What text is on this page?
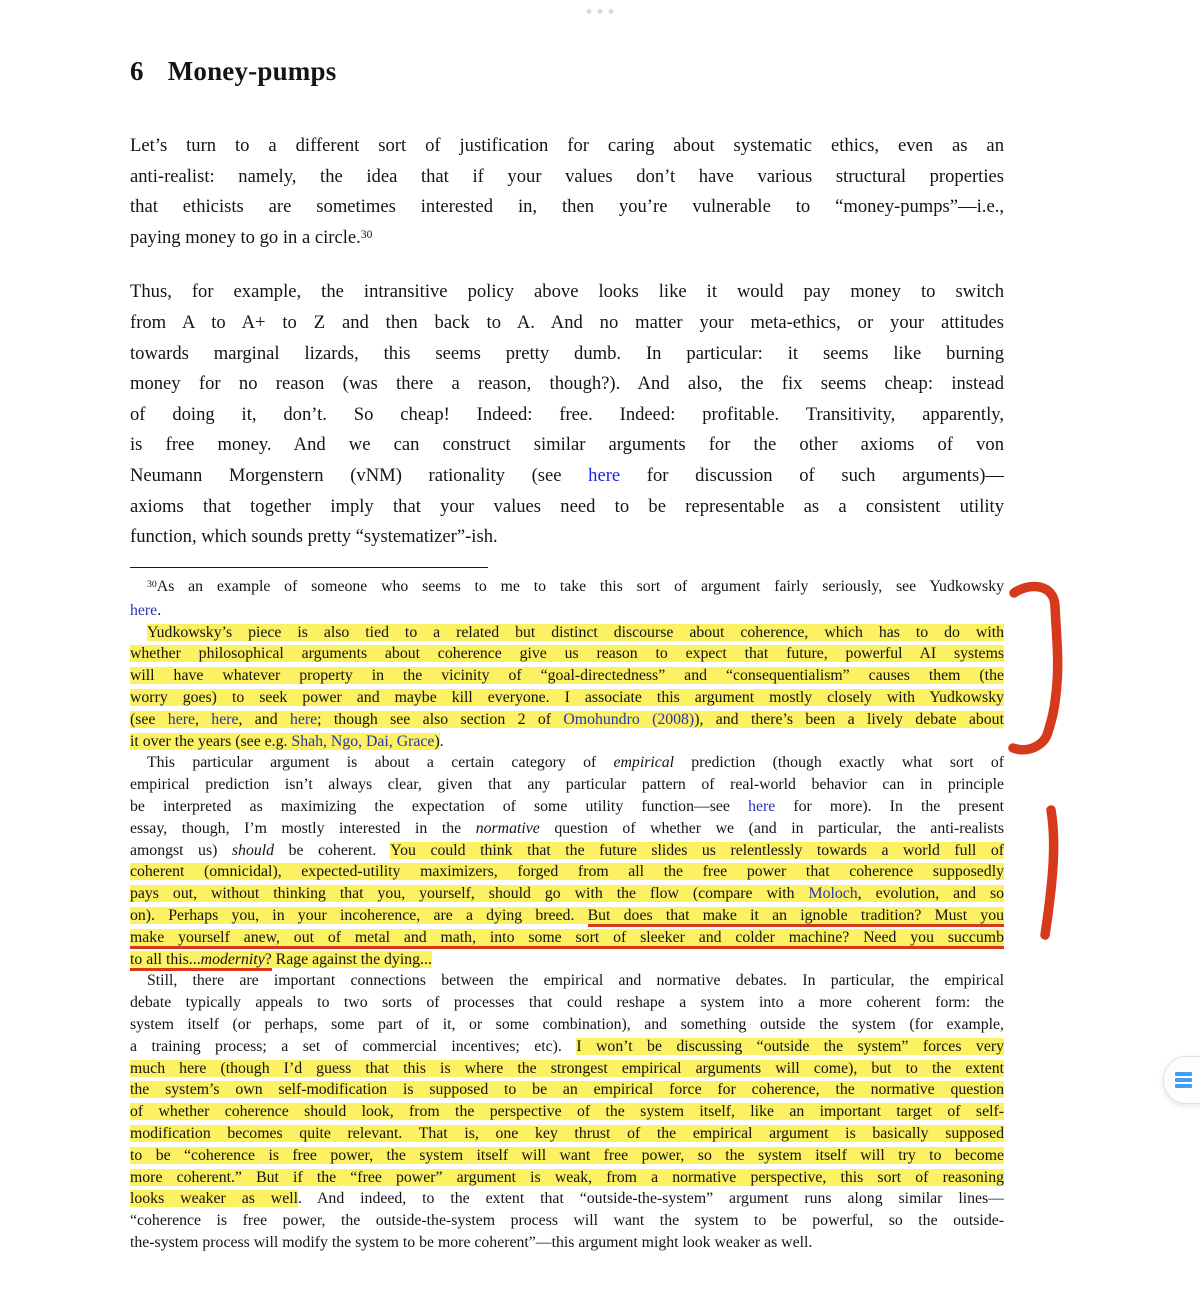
6 Money-pumps
Let’s turn to a different sort of justification for caring about systematic ethics, even as an
anti-realist: namely, the idea that if your values don’t have various structural properties
that ethicists are sometimes interested in, then you’re vulnerable to “money-pumps”—i.e.,
paying money to go in a circle.$^{30}$
Thus, for example, the intransitive policy above looks like it would pay money to switch
from A to A+ to Z and then back to A. And no matter your meta-ethics, or your attitudes
towards marginal lizards, this seems pretty dumb. In particular: it seems like burning
money for no reason (was there a reason, though?). And also, the fix seems cheap: instead
of doing it, don’t. So cheap! Indeed: free. Indeed: profitable. Transitivity, apparently,
is free money. And we can construct similar arguments for the other axioms of von
Neumann Morgenstern (vNM) rationality (see here for discussion of such arguments)—
axioms that together imply that your values need to be representable as a consistent utility
function, which sounds pretty “systematizer”-ish.
$^{30}$As an example of someone who seems to me to take this sort of argument fairly seriously, see Yudkowsky
here.
Yudkowsky’s piece is also tied to a related but distinct discourse about coherence, which has to do with
whether philosophical arguments about coherence give us reason to expect that future, powerful AI systems
will have whatever property in the vicinity of “goal-directedness” and “consequentialism” causes them (the
worry goes) to seek power and maybe kill everyone. I associate this argument mostly closely with Yudkowsky
(see here, here, and here; though see also section 2 of Omohundro (2008)), and there’s been a lively debate about
it over the years (see e.g. Shah, Ngo, Dai, Grace).
This particular argument is about a certain category of empirical prediction (though exactly what sort of
empirical prediction isn’t always clear, given that any particular pattern of real-world behavior can in principle
be interpreted as maximizing the expectation of some utility function—see here for more). In the present
essay, though, I’m mostly interested in the normative question of whether we (and in particular, the anti-realists
amongst us) should be coherent. You could think that the future slides us relentlessly towards a world full of
coherent (omnicidal), expected-utility maximizers, forged from all the free power that coherence supposedly
pays out, without thinking that you, yourself, should go with the flow (compare with Moloch, evolution, and so
on). Perhaps you, in your incoherence, are a dying breed. But does that make it an ignoble tradition? Must you
make yourself anew, out of metal and math, into some sort of sleeker and colder machine? Need you succumb
to all this...modernity? Rage against the dying...
Still, there are important connections between the empirical and normative debates. In particular, the empirical
debate typically appeals to two sorts of processes that could reshape a system into a more coherent form: the
system itself (or perhaps, some part of it, or some combination), and something outside the system (for example,
a training process; a set of commercial incentives; etc). I won’t be discussing “outside the system” forces very
much here (though I’d guess that this is where the strongest empirical arguments will come), but to the extent
the system’s own self-modification is supposed to be an empirical force for coherence, the normative question
of whether coherence should look, from the perspective of the system itself, like an important target of self-
modification becomes quite relevant. That is, one key thrust of the empirical argument is basically supposed
to be “coherence is free power, the system itself will want free power, so the system itself will try to become
more coherent.” But if the “free power” argument is weak, from a normative perspective, this sort of reasoning
looks weaker as well. And indeed, to the extent that “outside-the-system” argument runs along similar lines—
“coherence is free power, the outside-the-system process will want the system to be powerful, so the outside-
the-system process will modify the system to be more coherent”—this argument might look weaker as well.
